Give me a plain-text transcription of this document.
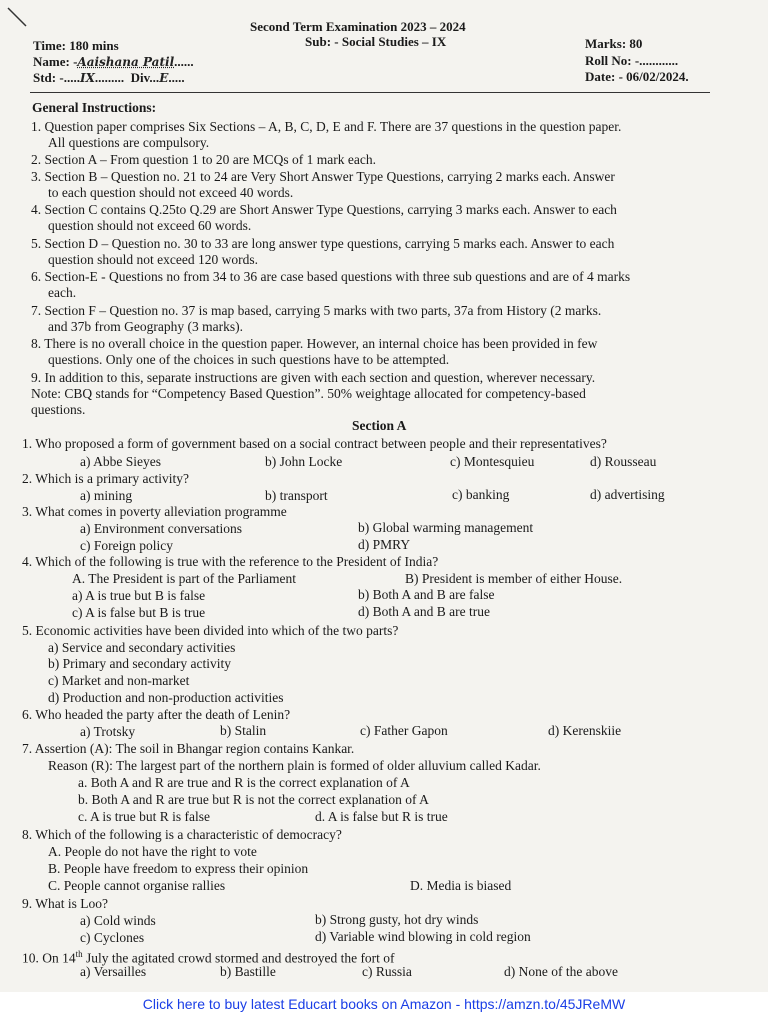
Second Term Examination 2023 – 2024
Time: 180 mins	Sub: - Social Studies – IX	Marks: 80
Name: -Aaishana Patil......	Roll No: -............
Std: -.....IX.........  Div...E.....	Date: - 06/02/2024.
General Instructions:
1. Question paper comprises Six Sections – A, B, C, D, E and F. There are 37 questions in the question paper.
All questions are compulsory.
2. Section A – From question 1 to 20 are MCQs of 1 mark each.
3. Section B – Question no. 21 to 24 are Very Short Answer Type Questions, carrying 2 marks each. Answer
to each question should not exceed 40 words.
4. Section C contains Q.25to Q.29 are Short Answer Type Questions, carrying 3 marks each. Answer to each
question should not exceed 60 words.
5. Section D – Question no. 30 to 33 are long answer type questions, carrying 5 marks each. Answer to each
question should not exceed 120 words.
6. Section-E - Questions no from 34 to 36 are case based questions with three sub questions and are of 4 marks
each.
7. Section F – Question no. 37 is map based, carrying 5 marks with two parts, 37a from History (2 marks.
and 37b from Geography (3 marks).
8. There is no overall choice in the question paper. However, an internal choice has been provided in few
questions. Only one of the choices in such questions have to be attempted.
9. In addition to this, separate instructions are given with each section and question, wherever necessary.
Note: CBQ stands for “Competency Based Question”. 50% weightage allocated for competency-based
questions.
Section A
1. Who proposed a form of government based on a social contract between people and their representatives?
a) Abbe Sieyes	b) John Locke	c) Montesquieu	d) Rousseau
2. Which is a primary activity?
a) mining	b) transport	c) banking	d) advertising
3. What comes in poverty alleviation programme
a) Environment conversations	b) Global warming management
c) Foreign policy	d) PMRY
4. Which of the following is true with the reference to the President of India?
A. The President is part of the Parliament	B) President is member of either House.
a) A is true but B is false	b) Both A and B are false
c) A is false but B is true	d) Both A and B are true
5. Economic activities have been divided into which of the two parts?
a) Service and secondary activities
b) Primary and secondary activity
c) Market and non-market
d) Production and non-production activities
6. Who headed the party after the death of Lenin?
a) Trotsky	b) Stalin	c) Father Gapon	d) Kerenskiie
7. Assertion (A): The soil in Bhangar region contains Kankar.
Reason (R): The largest part of the northern plain is formed of older alluvium called Kadar.
a. Both A and R are true and R is the correct explanation of A
b. Both A and R are true but R is not the correct explanation of A
c. A is true but R is false	d. A is false but R is true
8. Which of the following is a characteristic of democracy?
A. People do not have the right to vote
B. People have freedom to express their opinion
C. People cannot organise rallies	D. Media is biased
9. What is Loo?
a) Cold winds	b) Strong gusty, hot dry winds
c) Cyclones	d) Variable wind blowing in cold region
10. On 14th July the agitated crowd stormed and destroyed the fort of
a) Versailles	b) Bastille	c) Russia	d) None of the above
Click here to buy latest Educart books on Amazon - https://amzn.to/45JReMW
